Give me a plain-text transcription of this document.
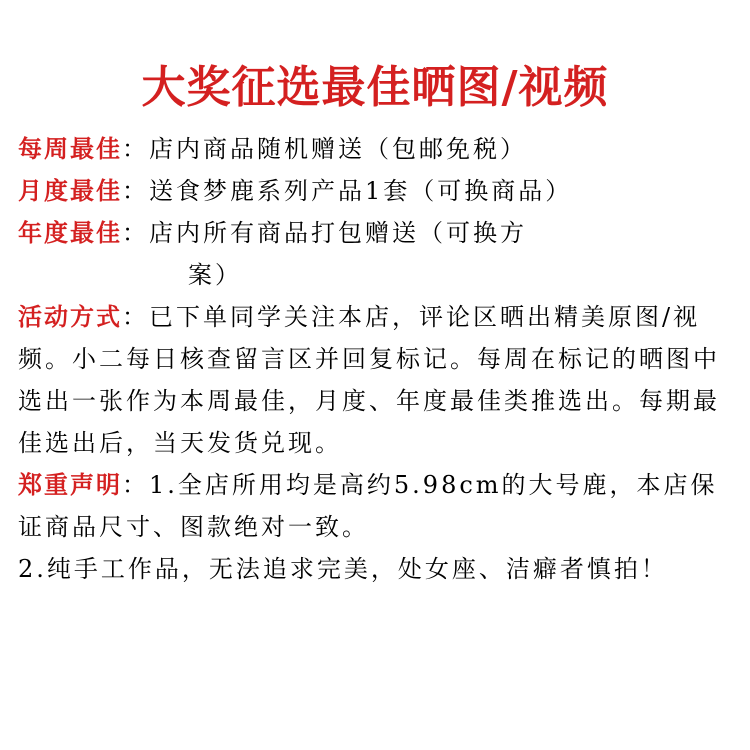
大奖征选最佳晒图/视频
每周最佳 ： 店内商品随机赠送（包邮免税）
月度最佳 ： 送食梦鹿系列产品1套（可换商品）
年度最佳 ： 店内所有商品打包赠送（可换方
案）
活动方式：已下单同学关注本店，评论区晒出精美原图/视频。小二每日核查留言区并回复标记。每周在标记的晒图中选出一张作为本周最佳，月度、年度最佳类推选出。每期最佳选出后，当天发货兑现。
郑重声明：1.全店所用均是高约5.98cm的大号鹿，本店保证商品尺寸、图款绝对一致。
2.纯手工作品，无法追求完美，处女座、洁癖者慎拍！
